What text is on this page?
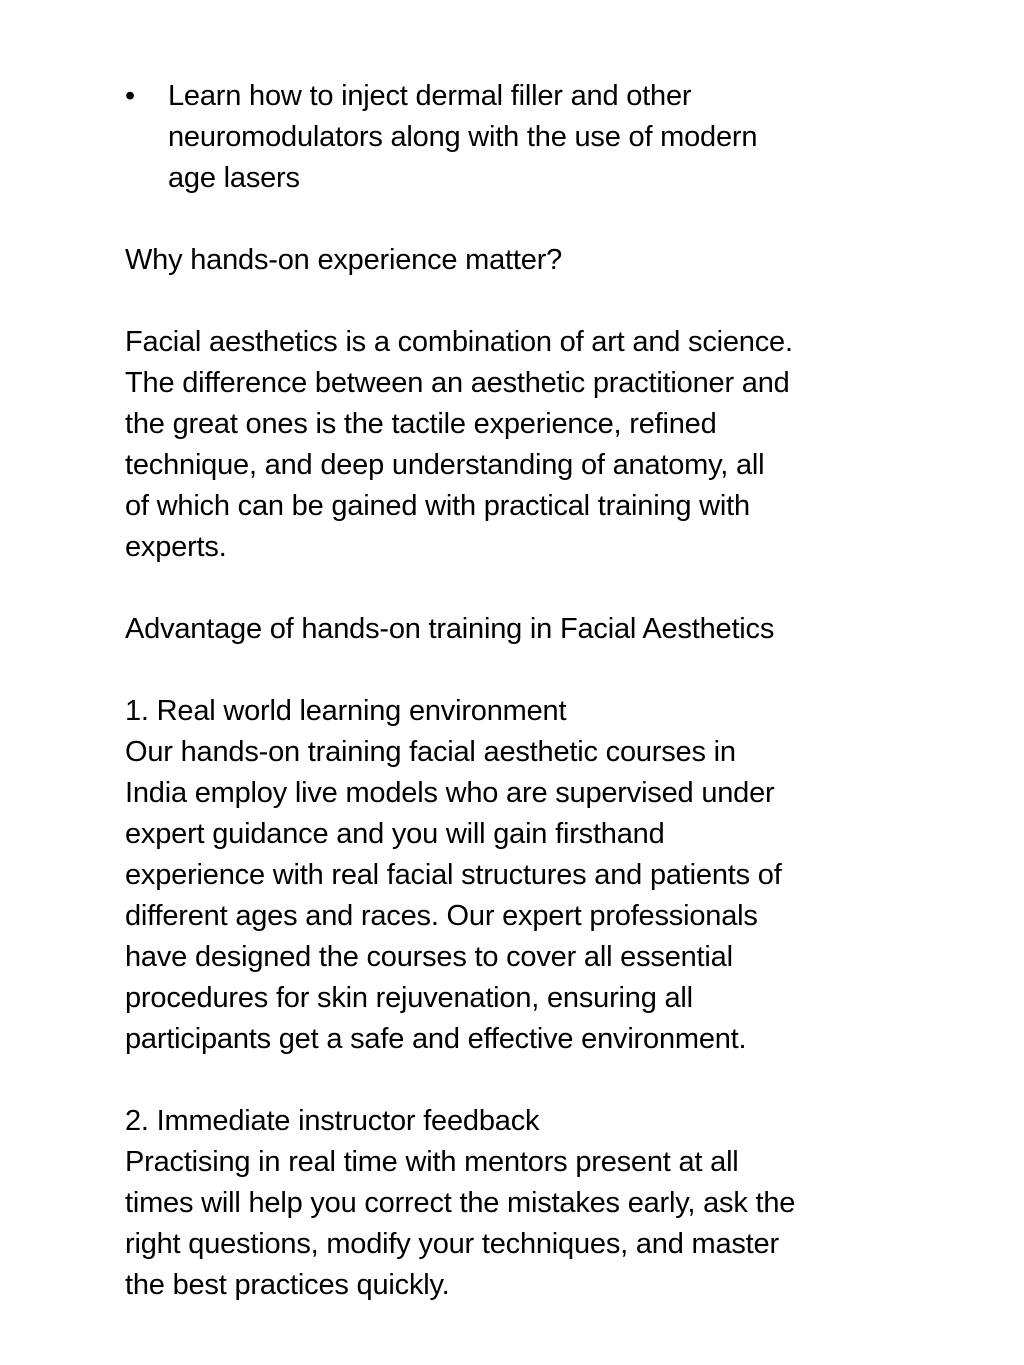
• Learn how to inject dermal filler and other
neuromodulators along with the use of modern
age lasers
Why hands-on experience matter?
Facial aesthetics is a combination of art and science.
The difference between an aesthetic practitioner and
the great ones is the tactile experience, refined
technique, and deep understanding of anatomy, all
of which can be gained with practical training with
experts.
Advantage of hands-on training in Facial Aesthetics
1. Real world learning environment
Our hands-on training facial aesthetic courses in
India employ live models who are supervised under
expert guidance and you will gain firsthand
experience with real facial structures and patients of
different ages and races. Our expert professionals
have designed the courses to cover all essential
procedures for skin rejuvenation, ensuring all
participants get a safe and effective environment.
2. Immediate instructor feedback
Practising in real time with mentors present at all
times will help you correct the mistakes early, ask the
right questions, modify your techniques, and master
the best practices quickly.
